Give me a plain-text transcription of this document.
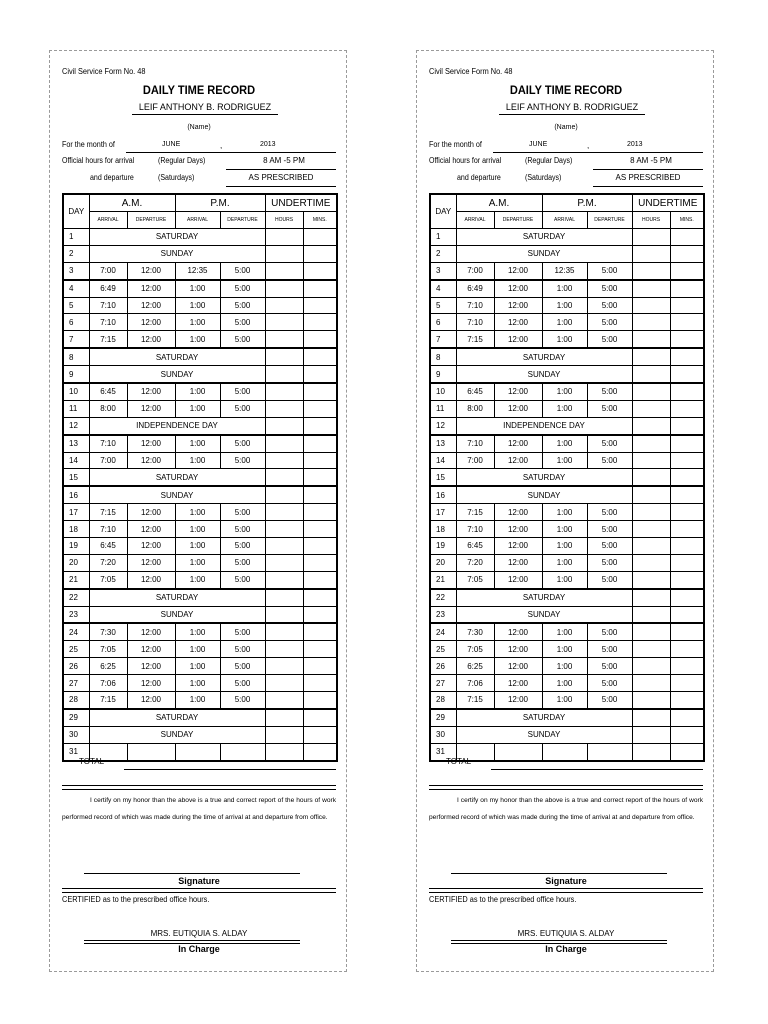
Civil Service Form No. 48
DAILY TIME RECORD
LEIF ANTHONY B. RODRIGUEZ
(Name)
For the month of	JUNE	,	2013
Official hours for arrival	(Regular Days)	8 AM -5 PM
and departure	(Saturdays)	AS PRESCRIBED
DAY	A.M.		P.M.		UNDERTIME	
	ARRIVAL	DEPARTURE	ARRIVAL	DEPARTURE	HOURS	MINS.
1	SATURDAY					
2	SUNDAY					
3	7:00	12:00	12:35	5:00		
4	6:49	12:00	1:00	5:00		
5	7:10	12:00	1:00	5:00		
6	7:10	12:00	1:00	5:00		
7	7:15	12:00	1:00	5:00		
8	SATURDAY					
9	SUNDAY					
10	6:45	12:00	1:00	5:00		
11	8:00	12:00	1:00	5:00		
12	INDEPENDENCE DAY					
13	7:10	12:00	1:00	5:00		
14	7:00	12:00	1:00	5:00		
15	SATURDAY					
16	SUNDAY					
17	7:15	12:00	1:00	5:00		
18	7:10	12:00	1:00	5:00		
19	6:45	12:00	1:00	5:00		
20	7:20	12:00	1:00	5:00		
21	7:05	12:00	1:00	5:00		
22	SATURDAY					
23	SUNDAY					
24	7:30	12:00	1:00	5:00		
25	7:05	12:00	1:00	5:00		
26	6:25	12:00	1:00	5:00		
27	7:06	12:00	1:00	5:00		
28	7:15	12:00	1:00	5:00		
29	SATURDAY					
30	SUNDAY					
31						
TOTAL
I certify on my honor than the above is a true and correct report of the hours of work performed record of which was made during the time of arrival at and departure from office.
Signature
CERTIFIED as to the prescribed office hours.
MRS. EUTIQUIA S. ALDAY
In Charge
Civil Service Form No. 48
DAILY TIME RECORD
LEIF ANTHONY B. RODRIGUEZ
(Name)
For the month of	JUNE	,	2013
Official hours for arrival	(Regular Days)	8 AM -5 PM
and departure	(Saturdays)	AS PRESCRIBED
DAY	A.M.		P.M.		UNDERTIME	
	ARRIVAL	DEPARTURE	ARRIVAL	DEPARTURE	HOURS	MINS.
1	SATURDAY					
2	SUNDAY					
3	7:00	12:00	12:35	5:00		
4	6:49	12:00	1:00	5:00		
5	7:10	12:00	1:00	5:00		
6	7:10	12:00	1:00	5:00		
7	7:15	12:00	1:00	5:00		
8	SATURDAY					
9	SUNDAY					
10	6:45	12:00	1:00	5:00		
11	8:00	12:00	1:00	5:00		
12	INDEPENDENCE DAY					
13	7:10	12:00	1:00	5:00		
14	7:00	12:00	1:00	5:00		
15	SATURDAY					
16	SUNDAY					
17	7:15	12:00	1:00	5:00		
18	7:10	12:00	1:00	5:00		
19	6:45	12:00	1:00	5:00		
20	7:20	12:00	1:00	5:00		
21	7:05	12:00	1:00	5:00		
22	SATURDAY					
23	SUNDAY					
24	7:30	12:00	1:00	5:00		
25	7:05	12:00	1:00	5:00		
26	6:25	12:00	1:00	5:00		
27	7:06	12:00	1:00	5:00		
28	7:15	12:00	1:00	5:00		
29	SATURDAY					
30	SUNDAY					
31						
TOTAL
I certify on my honor than the above is a true and correct report of the hours of work performed record of which was made during the time of arrival at and departure from office.
Signature
CERTIFIED as to the prescribed office hours.
MRS. EUTIQUIA S. ALDAY
In Charge
